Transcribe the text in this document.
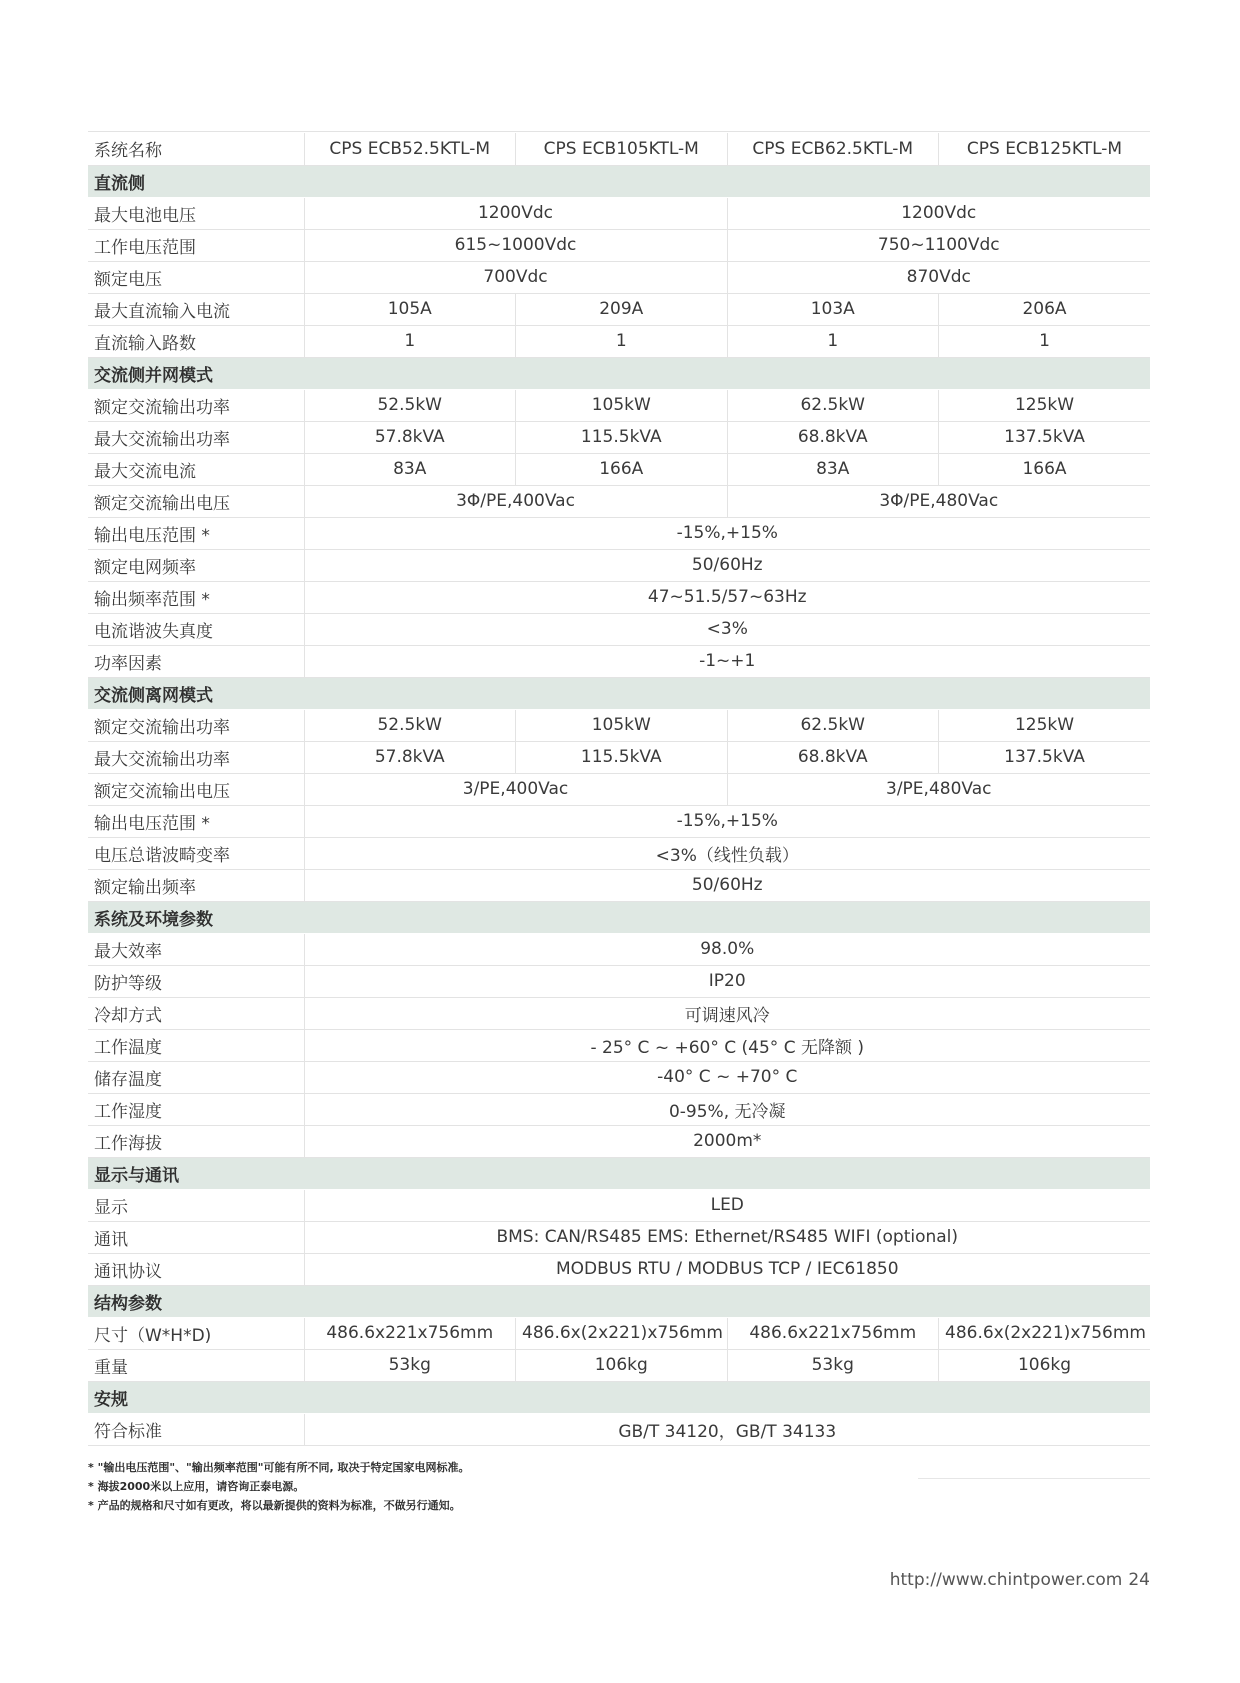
系统名称	CPS ECB52.5KTL-M	CPS ECB105KTL-M	CPS ECB62.5KTL-M	CPS ECB125KTL-M
直流侧				
最大电池电压	1200Vdc		1200Vdc	
工作电压范围	615~1000Vdc		750~1100Vdc	
额定电压	700Vdc		870Vdc	
最大直流输入电流	105A	209A	103A	206A
直流输入路数	1	1	1	1
交流侧并网模式				
额定交流输出功率	52.5kW	105kW	62.5kW	125kW
最大交流输出功率	57.8kVA	115.5kVA	68.8kVA	137.5kVA
最大交流电流	83A	166A	83A	166A
额定交流输出电压	3Φ/PE,400Vac		3Φ/PE,480Vac	
输出电压范围 *	-15%,+15%			
额定电网频率	50/60Hz			
输出频率范围 *	47~51.5/57~63Hz			
电流谐波失真度	<3%			
功率因素	-1~+1			
交流侧离网模式				
额定交流输出功率	52.5kW	105kW	62.5kW	125kW
最大交流输出功率	57.8kVA	115.5kVA	68.8kVA	137.5kVA
额定交流输出电压	3/PE,400Vac		3/PE,480Vac	
输出电压范围 *	-15%,+15%			
电压总谐波畸变率	<3%（线性负载）			
额定输出频率	50/60Hz			
系统及环境参数				
最大效率	98.0%			
防护等级	IP20			
冷却方式	可调速风冷			
工作温度	- 25° C ~ +60° C (45° C 无降额 )			
储存温度	-40° C ~ +70° C			
工作湿度	0-95%, 无冷凝			
工作海拔	2000m*			
显示与通讯				
显示	LED			
通讯	BMS: CAN/RS485 EMS: Ethernet/RS485 WIFI (optional)			
通讯协议	MODBUS RTU / MODBUS TCP / IEC61850			
结构参数				
尺寸（W*H*D)	486.6x221x756mm	486.6x(2x221)x756mm	486.6x221x756mm	486.6x(2x221)x756mm
重量	53kg	106kg	53kg	106kg
安规				
符合标准	GB/T 34120，GB/T 34133			
* "输出电压范围"、"输出频率范围"可能有所不同, 取决于特定国家电网标准。
* 海拔2000米以上应用，请咨询正泰电源。
* 产品的规格和尺寸如有更改，将以最新提供的资料为标准，不做另行通知。
http://www.chintpower.com 24
